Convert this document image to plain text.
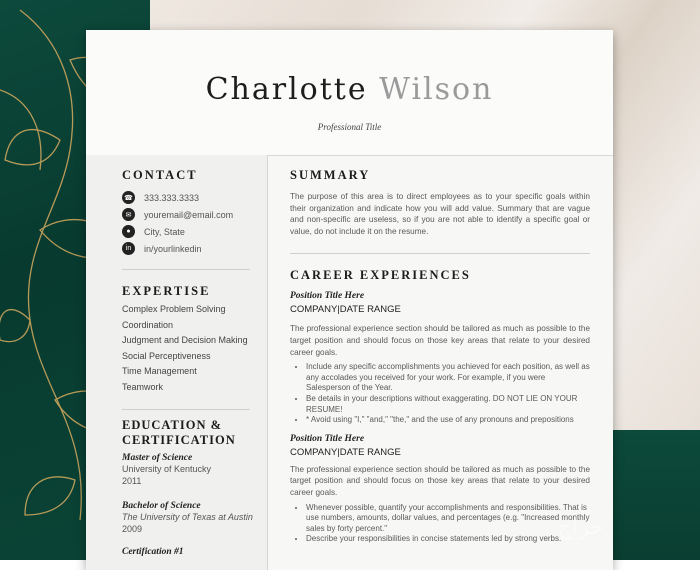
Charlotte Wilson
Professional Title
CONTACT
☎ 333.333.3333
✉	youremail@email.com
●	City, State
in	in/yourlinkedin
EXPERTISE
Complex Problem Solving
Coordination
Judgment and Decision Making
Social Perceptiveness
Time Management
Teamwork
EDUCATION &
CERTIFICATION
Master of Science
University of Kentucky
2011
Bachelor of Science
The University of Texas at Austin
2009
Certification #1
SUMMARY
The purpose of this area is to direct employees as to your specific goals within their organization and indicate how you will add value. Summary that are vague and non-specific are useless, so if you are not able to identify a specific goal or value, do not include it on the resume.
CAREER EXPERIENCES
Position Title Here
COMPANY|DATE RANGE
The professional experience section should be tailored as much as possible to the target position and should focus on those key areas that relate to your desired career goals.
• Include any specific accomplishments you achieved for each position, as well as any accolades you received for your work. For example, if you were Salesperson of the Year.
• Be details in your descriptions without exaggerating. DO NOT LIE ON YOUR RESUME!
• * Avoid using "I," "and," "the," and the use of any pronouns and prepositions
Position Title Here
COMPANY|DATE RANGE
The professional experience section should be tailored as much as possible to the target position and should focus on those key areas that relate to your desired career goals.
• Whenever possible, quantify your accomplishments and responsibilities. That is use numbers, amounts, dollar values, and percentages (e.g. "Increased monthly sales by forty percent."
• Describe your responsibilities in concise statements led by strong verbs.
حراج
